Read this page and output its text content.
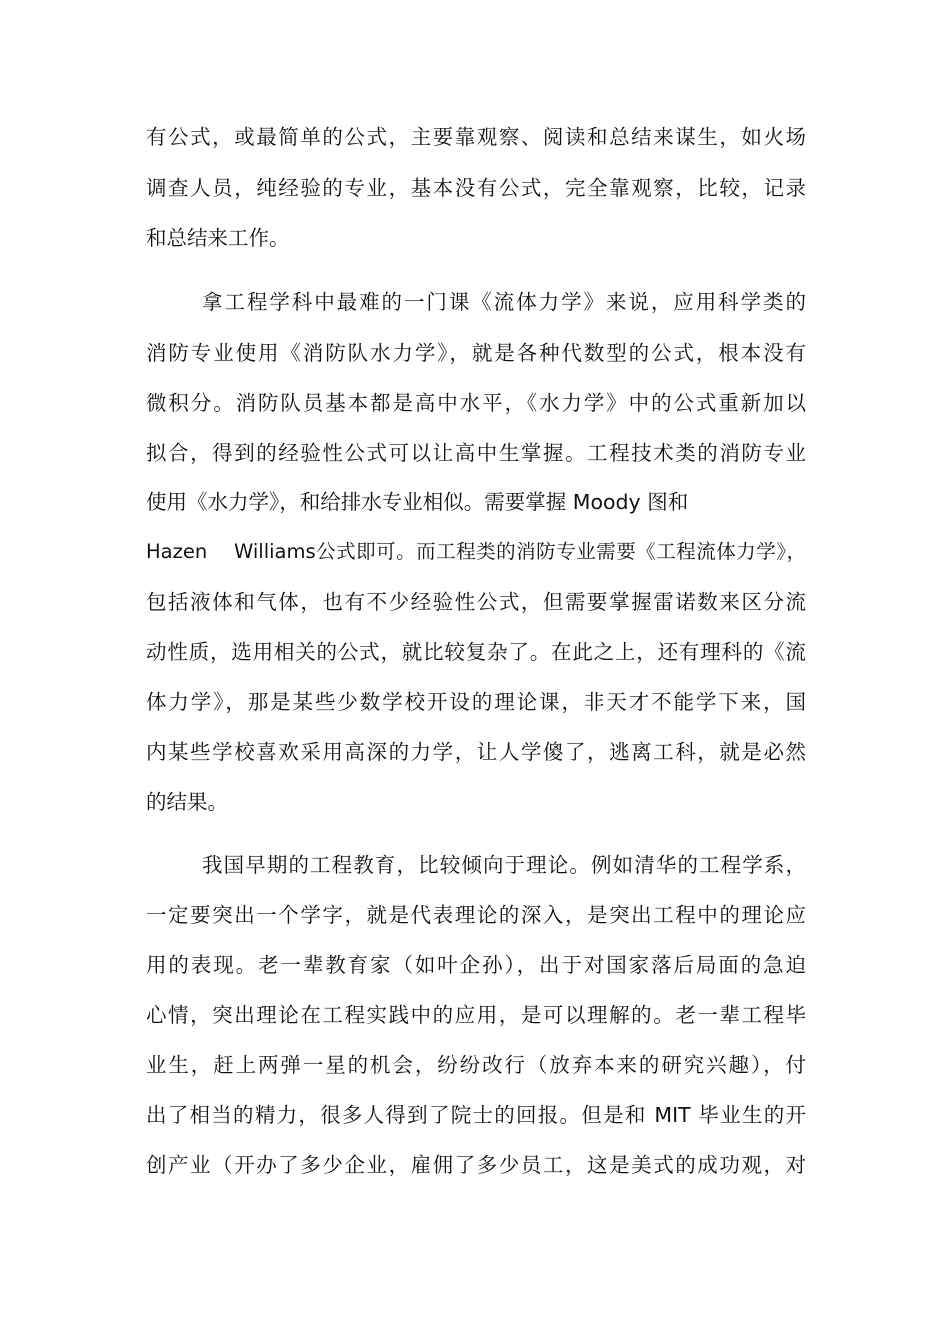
有公式，或最简单的公式，主要靠观察、阅读和总结来谋生，如火场
调查人员，纯经验的专业，基本没有公式，完全靠观察，比较，记录
和总结来工作。
拿工程学科中最难的一门课《流体力学》来说，应用科学类的
消防专业使用《消防队水力学》，就是各种代数型的公式，根本没有
微积分。消防队员基本都是高中水平，《水力学》中的公式重新加以
拟合，得到的经验性公式可以让高中生掌握。工程技术类的消防专业
使用《水力学》，和给排水专业相似。需要掌握 Moody 图和
Hazen    Williams公式即可。而工程类的消防专业需要《工程流体力学》，
包括液体和气体，也有不少经验性公式，但需要掌握雷诺数来区分流
动性质，选用相关的公式，就比较复杂了。在此之上，还有理科的《流
体力学》，那是某些少数学校开设的理论课，非天才不能学下来，国
内某些学校喜欢采用高深的力学，让人学傻了，逃离工科，就是必然
的结果。
我国早期的工程教育，比较倾向于理论。例如清华的工程学系，
一定要突出一个学字，就是代表理论的深入，是突出工程中的理论应
用的表现。老一辈教育家（如叶企孙），出于对国家落后局面的急迫
心情，突出理论在工程实践中的应用，是可以理解的。老一辈工程毕
业生，赶上两弹一星的机会，纷纷改行（放弃本来的研究兴趣），付
出了相当的精力，很多人得到了院士的回报。但是和 MIT 毕业生的开
创产业（开办了多少企业，雇佣了多少员工，这是美式的成功观，对
